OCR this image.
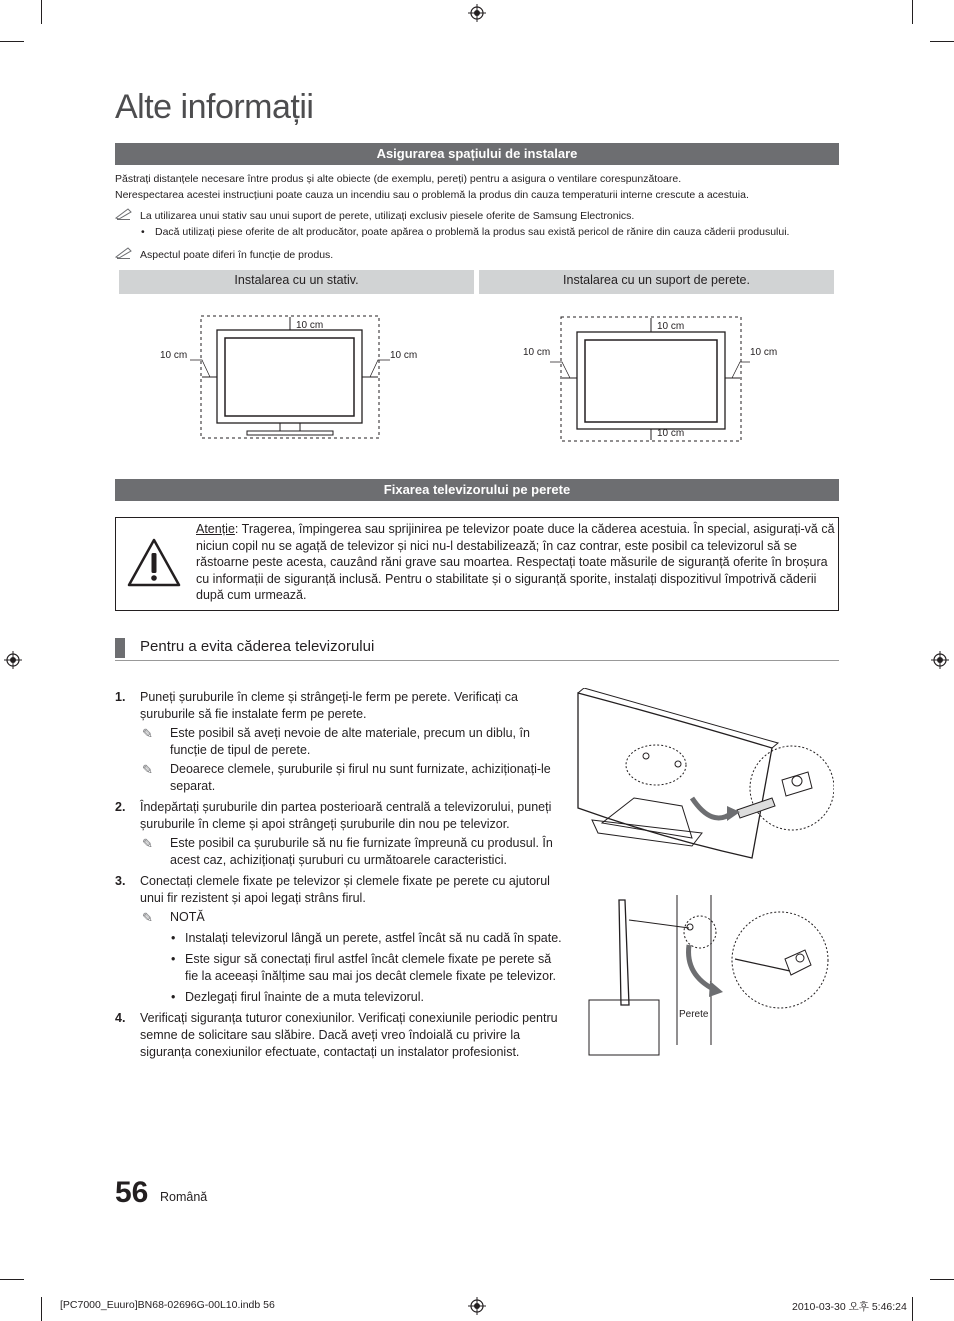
Alte informații
Asigurarea spațiului de instalare
Păstrați distanțele necesare între produs și alte obiecte (de exemplu, pereți) pentru a asigura o ventilare corespunzătoare.
Nerespectarea acestei instrucțiuni poate cauza un incendiu sau o problemă la produs din cauza temperaturii interne crescute a acestuia.
La utilizarea unui stativ sau unui suport de perete, utilizați exclusiv piesele oferite de Samsung Electronics.
• Dacă utilizați piese oferite de alt producător, poate apărea o problemă la produs sau există pericol de rănire din cauza căderii produsului.
Aspectul poate diferi în funcție de produs.
Instalarea cu un stativ.	Instalarea cu un suport de perete.
10 cm
10 cm	10 cm
10 cm
10 cm
10 cm	10 cm
Fixarea televizorului pe perete
Atenție: Tragerea, împingerea sau sprijinirea pe televizor poate duce la căderea acestuia. În special, asigurați-vă că niciun copil nu se agață de televizor și nici nu-l destabilizează; în caz contrar, este posibil ca televizorul să se răstoarne peste acesta, cauzând răni grave sau moartea. Respectați toate măsurile de siguranță oferite în broșura cu informații de siguranță inclusă. Pentru o stabilitate și o siguranță sporite, instalați dispozitivul împotrivă căderii după cum urmează.
Pentru a evita căderea televizorului
1. Puneți șuruburile în cleme și strângeți-le ferm pe perete. Verificați ca șuruburile să fie instalate ferm pe perete.
✎ Este posibil să aveți nevoie de alte materiale, precum un diblu, în funcție de tipul de perete.
✎ Deoarece clemele, șuruburile și firul nu sunt furnizate, achiziționați-le separat.
2. Îndepărtați șuruburile din partea posterioară centrală a televizorului, puneți șuruburile în cleme și apoi strângeți șuruburile din nou pe televizor.
✎ Este posibil ca șuruburile să nu fie furnizate împreună cu produsul. În acest caz, achiziționați șuruburi cu următoarele caracteristici.
3. Conectați clemele fixate pe televizor și clemele fixate pe perete cu ajutorul unui fir rezistent și apoi legați strâns firul.
✎ NOTĂ
• Instalați televizorul lângă un perete, astfel încât să nu cadă în spate.
• Este sigur să conectați firul astfel încât clemele fixate pe perete să fie la aceeași înălțime sau mai jos decât clemele fixate pe televizor.
• Dezlegați firul înainte de a muta televizorul.
4. Verificați siguranța tuturor conexiunilor. Verificați conexiunile periodic pentru semne de solicitare sau slăbire. Dacă aveți vreo îndoială cu privire la siguranța conexiunilor efectuate, contactați un instalator profesionist.
Perete
56 Română
[PC7000_Euuro]BN68-02696G-00L10.indb 56	2010-03-30 오후 5:46:24
